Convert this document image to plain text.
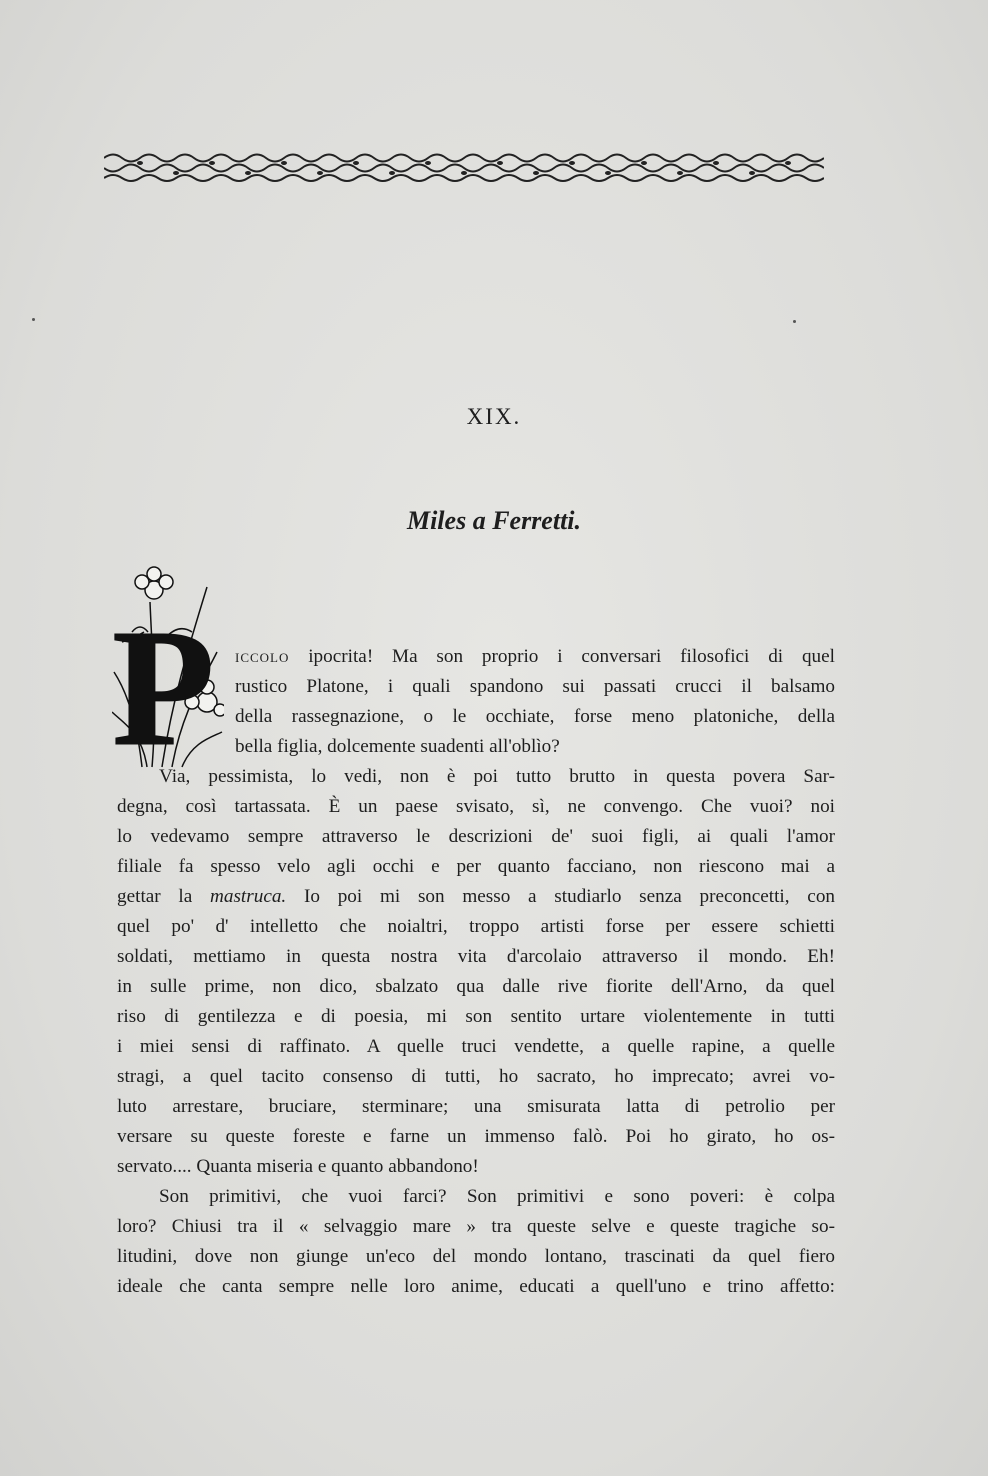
XIX.
Miles a Ferretti.
P iccolo ipocrita! Ma son proprio i conversari filosofici di quel
rustico Platone, i quali spandono sui passati crucci il balsamo
della rassegnazione, o le occhiate, forse meno platoniche, della
bella figlia, dolcemente suadenti all'oblìo?
Via, pessimista, lo vedi, non è poi tutto brutto in questa povera Sar-
degna, così tartassata. È un paese svisato, sì, ne convengo. Che vuoi? noi
lo vedevamo sempre attraverso le descrizioni de' suoi figli, ai quali l'amor
filiale fa spesso velo agli occhi e per quanto facciano, non riescono mai a
gettar la mastruca. Io poi mi son messo a studiarlo senza preconcetti, con
quel po' d' intelletto che noialtri, troppo artisti forse per essere schietti
soldati, mettiamo in questa nostra vita d'arcolaio attraverso il mondo. Eh!
in sulle prime, non dico, sbalzato qua dalle rive fiorite dell'Arno, da quel
riso di gentilezza e di poesia, mi son sentito urtare violentemente in tutti
i miei sensi di raffinato. A quelle truci vendette, a quelle rapine, a quelle
stragi, a quel tacito consenso di tutti, ho sacrato, ho imprecato; avrei vo-
luto arrestare, bruciare, sterminare; una smisurata latta di petrolio per
versare su queste foreste e farne un immenso falò. Poi ho girato, ho os-
servato.... Quanta miseria e quanto abbandono!
Son primitivi, che vuoi farci? Son primitivi e sono poveri: è colpa
loro? Chiusi tra il « selvaggio mare » tra queste selve e queste tragiche so-
litudini, dove non giunge un'eco del mondo lontano, trascinati da quel fiero
ideale che canta sempre nelle loro anime, educati a quell'uno e trino affetto:
